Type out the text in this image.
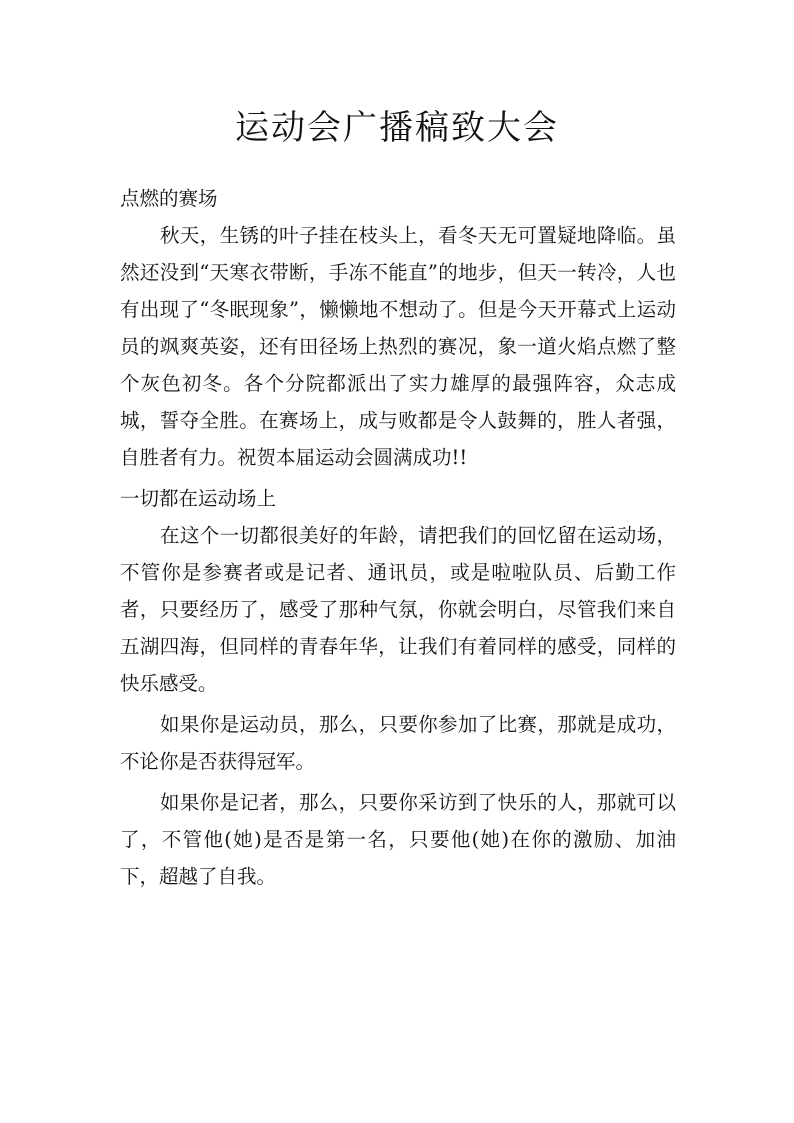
运动会广播稿致大会
点燃的赛场

秋天，生锈的叶子挂在枝头上，看冬天无可置疑地降临。虽然还没到“天寒衣带断，手冻不能直”的地步，但天一转冷，人也有出现了“冬眠现象”，懒懒地不想动了。但是今天开幕式上运动员的飒爽英姿，还有田径场上热烈的赛况，象一道火焰点燃了整个灰色初冬。各个分院都派出了实力雄厚的最强阵容，众志成城，誓夺全胜。在赛场上，成与败都是令人鼓舞的，胜人者强，自胜者有力。祝贺本届运动会圆满成功!!

一切都在运动场上

在这个一切都很美好的年龄，请把我们的回忆留在运动场，不管你是参赛者或是记者、通讯员，或是啦啦队员、后勤工作者，只要经历了，感受了那种气氛，你就会明白，尽管我们来自五湖四海，但同样的青春年华，让我们有着同样的感受，同样的快乐感受。

如果你是运动员，那么，只要你参加了比赛，那就是成功，不论你是否获得冠军。

如果你是记者，那么，只要你采访到了快乐的人，那就可以了，不管他(她)是否是第一名，只要他(她)在你的激励、加油下，超越了自我。
